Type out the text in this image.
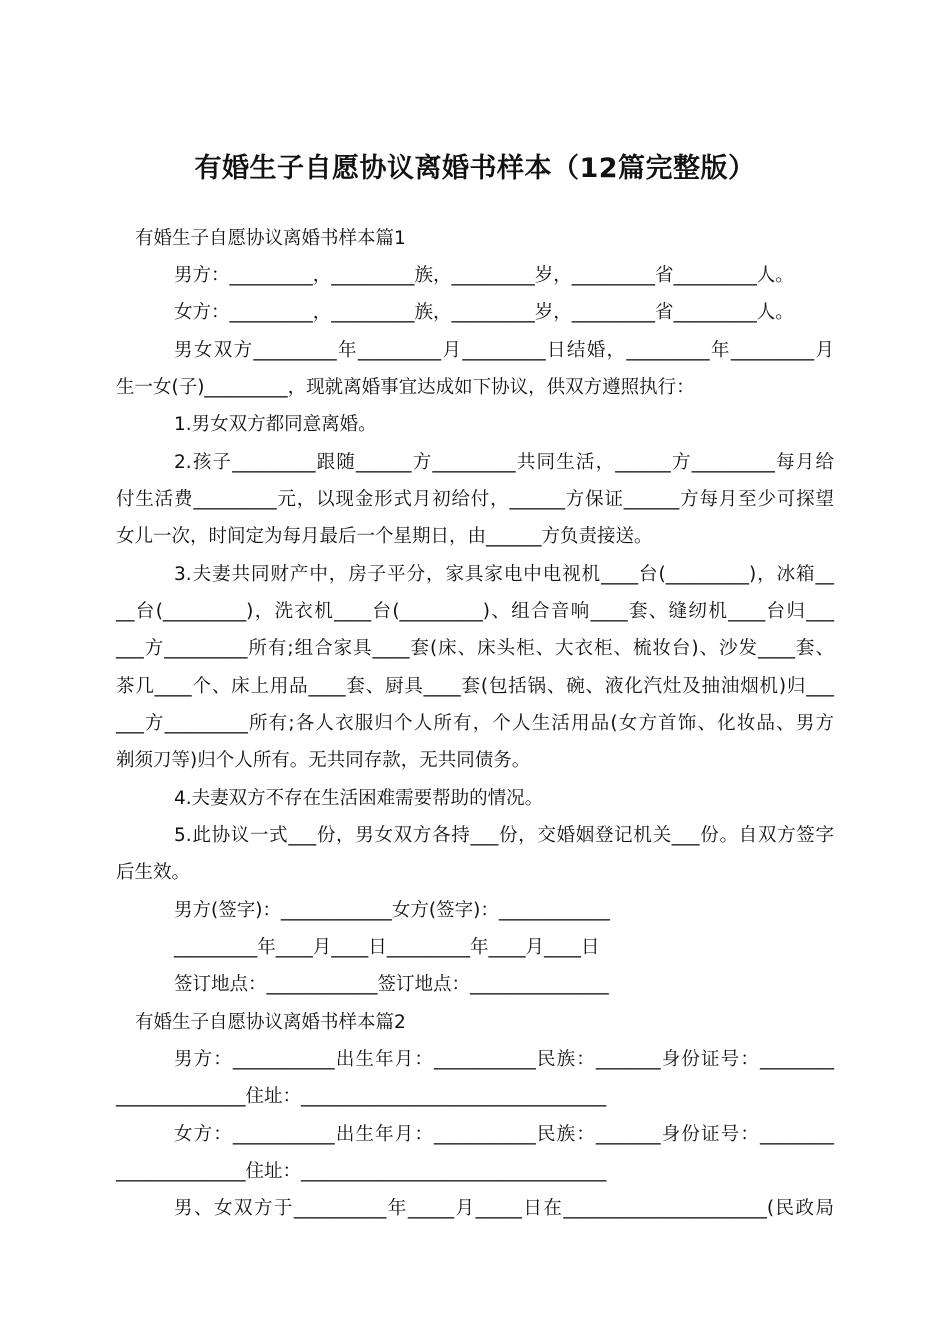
有婚生子自愿协议离婚书样本（12篇完整版）

有婚生子自愿协议离婚书样本篇1

男方：_________，_________族，_________岁，_________省_________人。

女方：_________，_________族，_________岁，_________省_________人。

男女双方_________年_________月_________日结婚，_________年_________月

生一女(子)_________，现就离婚事宜达成如下协议，供双方遵照执行：

1.男女双方都同意离婚。

2.孩子_________跟随______方_________共同生活，______方_________每月给

付生活费_________元，以现金形式月初给付，______方保证______方每月至少可探望

女儿一次，时间定为每月最后一个星期日，由______方负责接送。

3.夫妻共同财产中，房子平分，家具家电中电视机____台(_________)，冰箱__

__台(_________)，洗衣机____台(_________)、组合音响____套、缝纫机____台归___

___方_________所有;组合家具____套(床、床头柜、大衣柜、梳妆台)、沙发____套、

茶几____个、床上用品____套、厨具____套(包括锅、碗、液化汽灶及抽油烟机)归___

___方_________所有;各人衣服归个人所有，个人生活用品(女方首饰、化妆品、男方

剃须刀等)归个人所有。无共同存款，无共同债务。

4.夫妻双方不存在生活困难需要帮助的情况。

5.此协议一式___份，男女双方各持___份，交婚姻登记机关___份。自双方签字

后生效。

男方(签字)：____________女方(签字)：____________

_________年____月____日_________年____月____日

签订地点：____________签订地点：_______________

有婚生子自愿协议离婚书样本篇2

男方：___________出生年月：___________民族：_______身份证号：________

______________住址：_________________________________

女方：___________出生年月：___________民族：_______身份证号：________

______________住址：_________________________________

男、女双方于__________年_____月_____日在______________________(民政局
